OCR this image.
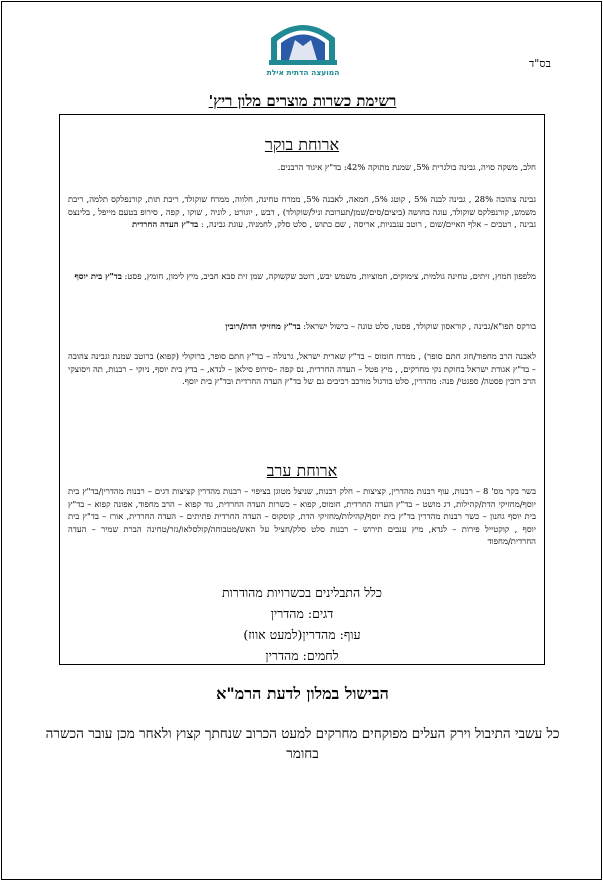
בס"ד
המועצה הדתית אילת
רשימת כשרות מוצרים מלון ריץ'
ארוחת בוקר
חלב, משקה סויה, גבינה בולגרית 5%, שמנת מתוקה 42%: בד"ץ איגוד הרבנים.
גבינה צהובה 28% , גבינה לבנה 5% , קוטג 5%, חמאה, לאבנה 5%, ממרח טחינה, חלווה, ממרח שוקולד, ריבת תות, קורנפלקס תלמה, ריבת משמש, קורנפלקס שוקולד, עוגה בחושה (ביצים/סים/שמן/תערובת וניל/שוקולד) , דבש , יוגורט , לוניה , שוקו , קפה , סירופ בטעם מייפל , בלינצס גבינה , רטבים – אלף האיים/שום , רוטב עגבניות, אריסה , שם כתוש , סלט סלק, לחמניה, עוגת גבינה, : בד"ץ העדה החרדית
מלפפון חמוץ, זיתים, טחינה גולמית, צימוקים, חמוציות, משמש יבש, רוטב שקשוקה, שמן זית סבא חביב, מיץ לימון, חומץ, פסט: בד"ץ בית יוסף
בורקס תפו"א/גבינה , קוראסון שוקולד, פסטו, סלט טונה – בישול ישראל: בד"ץ מחזיקי הדת/רובין
לאבנה הרב מחפוד/חוג חתם סופר) , ממרח חומוס – בד"ץ שארית ישראל, גרנולה – בד"ץ חתם סופר, ברוקולי (קפוא) ברוטב שמנת וגבינה צהובה – בד"ץ אגודת ישראל בחוקת נקי מחרקים, , מיץ פטל – העדה החרדית, נס קפה –סירופ סילאן – לנדא, – בדץ בית יוסף, ניוקי – רבנות, תה ויסוצקי הרב רובין פסטה/ ספגטי/ פנה: מהדרין, סלט בורגול מורכב רכיבים גם של בד"ץ העדה החרדית ובד"ץ בית יוסף.
ארוחת ערב
בשר בקר מס' 8 – רבנות, עוף רבנות מהדרין, קציצות – חלק רבנות, שניצל מטוגן בציפוי – רבנות מהדרין קציצות דגים – רבנות מהדרין/בד"ץ בית יוסף/מחזיקי הדת/קהילות, דג מושט – בד"ץ העדה החרדית, חומוס, קפוא – כשרות העדה החרדית, גוד קפוא – הרב מחפוד, אפונה קפוא – בד"ץ בית יוסף גחנון – כשר רבנות מהדרין בד"ץ בית יוסף/קהילות/מחזיקי הדת, קוסקוס – העדה החרדית פתיתים – העדה החרדית, אורז – בד"ץ בית יוסף , קוקטייל פירות – לנדא, מיץ ענבים תירוש – רבנות סלט סלק/חציל על האש/מטבוחה/קולסלאו/גזר/טחינה הברת שמיר – העדה החרדית/מחפוד
כלל התבלינים בכשרויות מהודרות
דגים: מהדרין
עוף: מהדרין(למעט אווז)
לחמים: מהדרין
הבישול במלון לדעת הרמ"א
כל עשבי התיבול וירק העלים מפוקחים מחרקים למעט הכרוב שנחתך קצוץ ולאחר מכן עובר הכשרה בחומר
